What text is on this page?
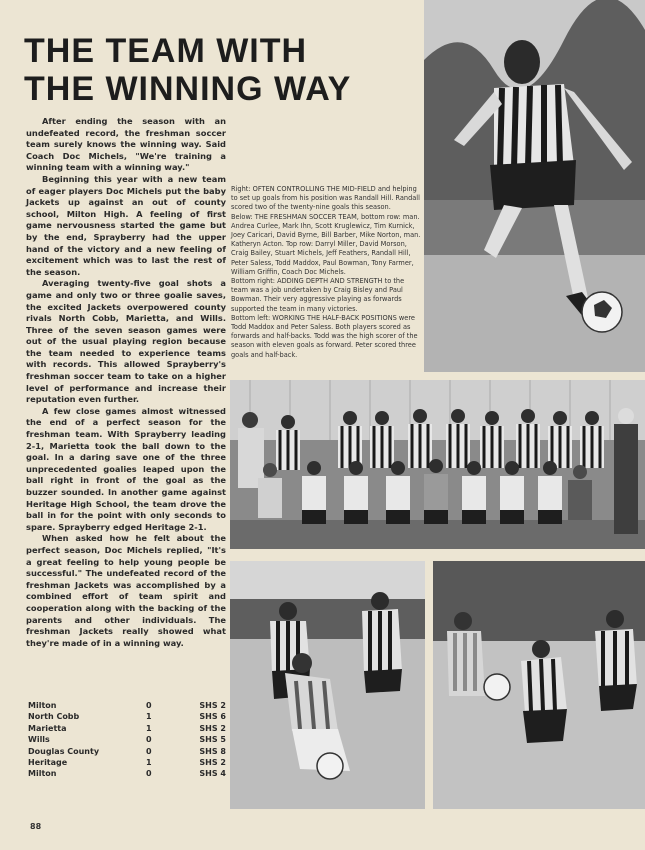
THE TEAM WITH
THE WINNING WAY

After ending the season with an undefeated record, the freshman soccer team surely knows the winning way. Said Coach Doc Michels, "We're training a winning team with a winning way."

Beginning this year with a new team of eager players Doc Michels put the baby Jackets up against an out of county school, Milton High. A feeling of first game nervousness started the game but by the end, Sprayberry had the upper hand of the victory and a new feeling of excitement which was to last the rest of the season.

Averaging twenty-five goal shots a game and only two or three goalie saves, the excited Jackets overpowered county rivals North Cobb, Marietta, and Wills. Three of the seven season games were out of the usual playing region because the team needed to experience teams with records. This allowed Sprayberry's freshman soccer team to take on a higher level of performance and increase their reputation even further.

A few close games almost witnessed the end of a perfect season for the freshman team. With Sprayberry leading 2-1, Marietta took the ball down to the goal. In a daring save one of the three unprecedented goalies leaped upon the ball right in front of the goal as the buzzer sounded. In another game against Heritage High School, the team drove the ball in for the point with only seconds to spare. Sprayberry edged Heritage 2-1.

When asked how he felt about the perfect season, Doc Michels replied, "It's a great feeling to help young people be successful." The undefeated record of the freshman Jackets was accomplished by a combined effort of team spirit and cooperation along with the backing of the parents and other individuals. The freshman Jackets really showed what they're made of in a winning way.

Right: OFTEN CONTROLLING THE MID-FIELD and helping to set up goals from his position was Randall Hill. Randall scored two of the twenty-nine goals this season.

Below: THE FRESHMAN SOCCER TEAM, bottom row: man. Andrea Curlee, Mark Ihn, Scott Kruglewicz, Tim Kurnick, Joey Caricari, David Byrne, Bill Barber, Mike Norton, man. Katheryn Acton. Top row: Darryl Miller, David Morson, Craig Bailey, Stuart Michels, Jeff Feathers, Randall Hill, Peter Saless, Todd Maddox, Paul Bowman, Tony Farmer, William Griffin, Coach Doc Michels.

Bottom right: ADDING DEPTH AND STRENGTH to the team was a job undertaken by Craig Bisley and Paul Bowman. Their very aggressive playing as forwards supported the team in many victories.

Bottom left: WORKING THE HALF-BACK POSITIONS were Todd Maddox and Peter Saless. Both players scored as forwards and half-backs. Todd was the high scorer of the season with eleven goals as forward. Peter scored three goals and half-back.

Milton	0	SHS 2
North Cobb	1	SHS 6
Marietta	1	SHS 2
Wills	0	SHS 5
Douglas County	0	SHS 8
Heritage	1	SHS 2
Milton	0	SHS 4
88
